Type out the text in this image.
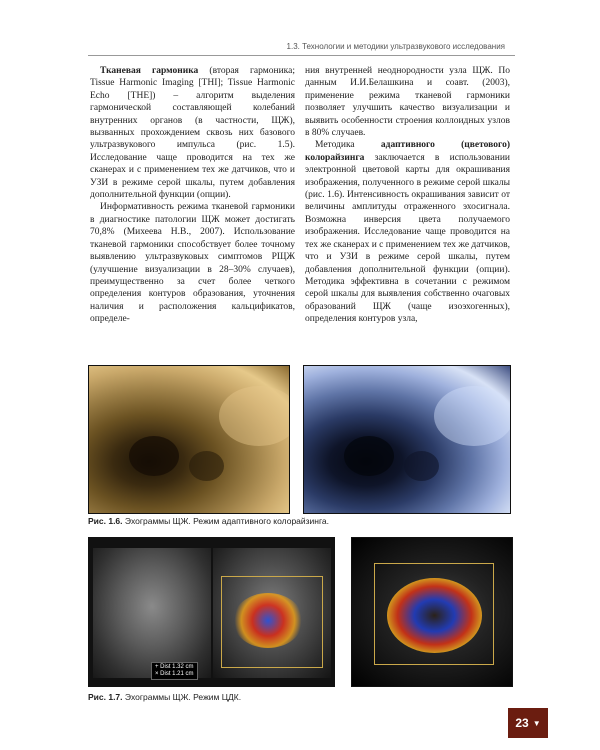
1.3. Технологии и методики ультразвукового исследования

Тканевая гармоника (вторая гармоника; Tissue Harmonic Imaging [THI]; Tissue Harmonic Echo [THE]) – алгоритм выделения гармонической составляющей колебаний внутренних органов (в частности, ЩЖ), вызванных прохождением сквозь них базового ультразвукового импульса (рис. 1.5). Исследование чаще проводится на тех же сканерах и с применением тех же датчиков, что и УЗИ в режиме серой шкалы, путем добавления дополнительной функции (опции).

Информативность режима тканевой гармоники в диагностике патологии ЩЖ может достигать 70,8% (Михеева Н.В., 2007). Использование тканевой гармоники способствует более точному выявлению ультразвуковых симптомов РЩЖ (улучшение визуализации в 28–30% случаев), преимущественно за счет более четкого определения контуров образования, уточнения наличия и расположения кальцификатов, определе-

ния внутренней неоднородности узла ЩЖ. По данным И.И.Белашкина и соавт. (2003), применение режима тканевой гармоники позволяет улучшить качество визуализации и выявить особенности строения коллоидных узлов в 80% случаев.

Методика адаптивного (цветового) колорайзинга заключается в использовании электронной цветовой карты для окрашивания изображения, полученного в режиме серой шкалы (рис. 1.6). Интенсивность окрашивания зависит от величины амплитуды отраженного эхосигнала. Возможна инверсия цвета получаемого изображения. Исследование чаще проводится на тех же сканерах и с применением тех же датчиков, что и УЗИ в режиме серой шкалы, путем добавления дополнительной функции (опции). Методика эффективна в сочетании с режимом серой шкалы для выявления собственно очаговых образований ЩЖ (чаще изоэхогенных), определения контуров узла,

Рис. 1.6. Эхограммы ЩЖ. Режим адаптивного колорайзинга.
+ Dist 1.32 cm
× Dist 1.21 cm
Рис. 1.7. Эхограммы ЩЖ. Режим ЦДК.
23 ▼
